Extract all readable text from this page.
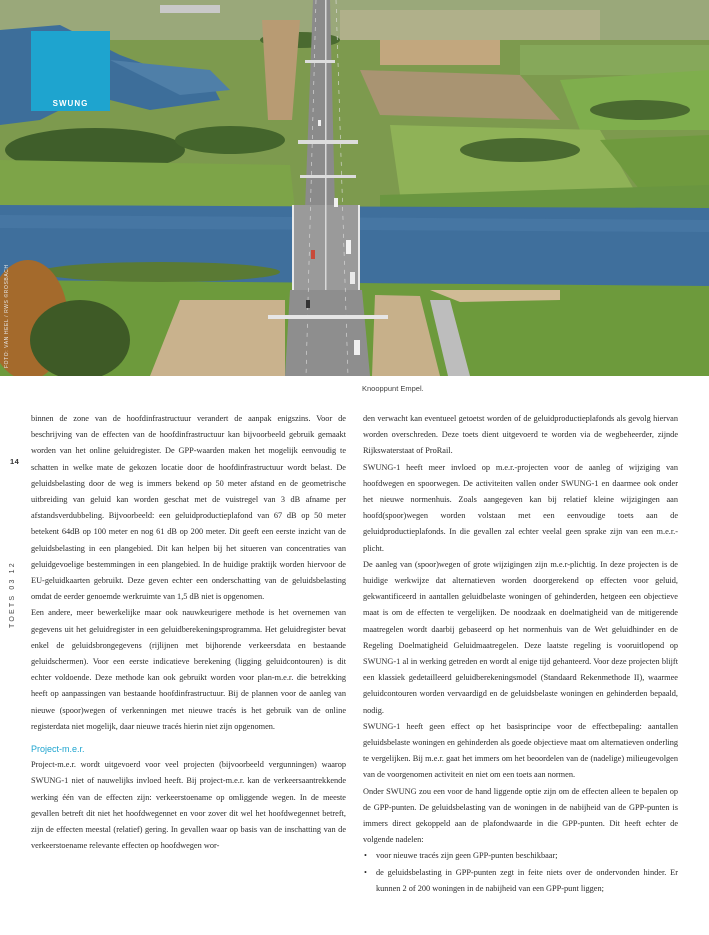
SWUNG
FOTO: VAN HEEL / RWS ©ROSBACH
Knooppunt Empel.
14
TOETS 03 12

binnen de zone van de hoofdinfrastructuur verandert de aanpak enigszins. Voor de beschrijving van de effecten van de hoofdinfrastructuur kan bijvoorbeeld gebruik gemaakt worden van het online geluidregister. De GPP-waarden maken het mogelijk eenvoudig te schatten in welke mate de gekozen locatie door de hoofdinfrastructuur wordt belast. De geluidsbelasting door de weg is immers bekend op 50 meter afstand en de geometrische uitbreiding van geluid kan worden geschat met de vuistregel van 3 dB afname per afstandsverdubbeling. Bijvoorbeeld: een geluidproductieplafond van 67 dB op 50 meter betekent 64dB op 100 meter en nog 61 dB op 200 meter. Dit geeft een eerste inzicht van de geluidsbelasting in een plangebied. Dit kan helpen bij het situeren van concentraties van geluidgevoelige bestemmingen in een plangebied. In de huidige praktijk worden hiervoor de EU-geluidkaarten gebruikt. Deze geven echter een onderschatting van de geluidsbelasting omdat de eerder genoemde werkruimte van 1,5 dB niet is opgenomen.

Een andere, meer bewerkelijke maar ook nauwkeurigere methode is het overnemen van gegevens uit het geluidregister in een geluidberekeningsprogramma. Het geluidregister bevat enkel de geluidsbrongegevens (rijlijnen met bijhorende verkeersdata en bestaande geluidschermen). Voor een eerste indicatieve berekening (ligging geluidcontouren) is dit echter voldoende. Deze methode kan ook gebruikt worden voor plan-m.e.r. die betrekking heeft op aanpassingen van bestaande hoofdinfrastructuur. Bij de plannen voor de aanleg van nieuwe (spoor)wegen of verkenningen met nieuwe tracés is het gebruik van de online registerdata niet mogelijk, daar nieuwe tracés hierin niet zijn opgenomen.

Project-m.e.r.

Project-m.e.r. wordt uitgevoerd voor veel projecten (bijvoorbeeld vergunningen) waarop SWUNG-1 niet of nauwelijks invloed heeft. Bij project-m.e.r. kan de verkeersaantrekkende werking één van de effecten zijn: verkeerstoename op omliggende wegen. In de meeste gevallen betreft dit niet het hoofdwegennet en voor zover dit wel het hoofdwegennet betreft, zijn de effecten meestal (relatief) gering. In gevallen waar op basis van de inschatting van de verkeerstoename relevante effecten op hoofdwegen wor-

den verwacht kan eventueel getoetst worden of de geluidproductieplafonds als gevolg hiervan worden overschreden. Deze toets dient uitgevoerd te worden via de wegbeheerder, zijnde Rijkswaterstaat of ProRail.

SWUNG-1 heeft meer invloed op m.e.r.-projecten voor de aanleg of wijziging van hoofdwegen en spoorwegen. De activiteiten vallen onder SWUNG-1 en daarmee ook onder het nieuwe normenhuis. Zoals aangegeven kan bij relatief kleine wijzigingen aan hoofd(spoor)wegen worden volstaan met een eenvoudige toets aan de geluidproductieplafonds. In die gevallen zal echter veelal geen sprake zijn van een m.e.r.-plicht.

De aanleg van (spoor)wegen of grote wijzigingen zijn m.e.r-plichtig. In deze projecten is de huidige werkwijze dat alternatieven worden doorgerekend op effecten voor geluid, gekwantificeerd in aantallen geluidbelaste woningen of gehinderden, hetgeen een objectieve maat is om de effecten te vergelijken. De noodzaak en doelmatigheid van de mitigerende maatregelen wordt daarbij gebaseerd op het normenhuis van de Wet geluidhinder en de Regeling Doelmatigheid Geluidmaatregelen. Deze laatste regeling is vooruitlopend op SWUNG-1 al in werking getreden en wordt al enige tijd gehanteerd. Voor deze projecten blijft een klassiek gedetailleerd geluidberekeningsmodel (Standaard Rekenmethode II), waarmee geluidcontouren worden vervaardigd en de geluidsbelaste woningen en gehinderden bepaald, nodig.

SWUNG-1 heeft geen effect op het basisprincipe voor de effectbepaling: aantallen geluidsbelaste woningen en gehinderden als goede objectieve maat om alternatieven onderling te vergelijken. Bij m.e.r. gaat het immers om het beoordelen van de (nadelige) milieugevolgen van de voorgenomen activiteit en niet om een toets aan normen.

Onder SWUNG zou een voor de hand liggende optie zijn om de effecten alleen te bepalen op de GPP-punten. De geluidsbelasting van de woningen in de nabijheid van de GPP-punten is immers direct gekoppeld aan de plafondwaarde in die GPP-punten. Dit heeft echter de volgende nadelen:

• voor nieuwe tracés zijn geen GPP-punten beschikbaar;
• de geluidsbelasting in GPP-punten zegt in feite niets over de ondervonden hinder. Er kunnen 2 of 200 woningen in de nabijheid van een GPP-punt liggen;
